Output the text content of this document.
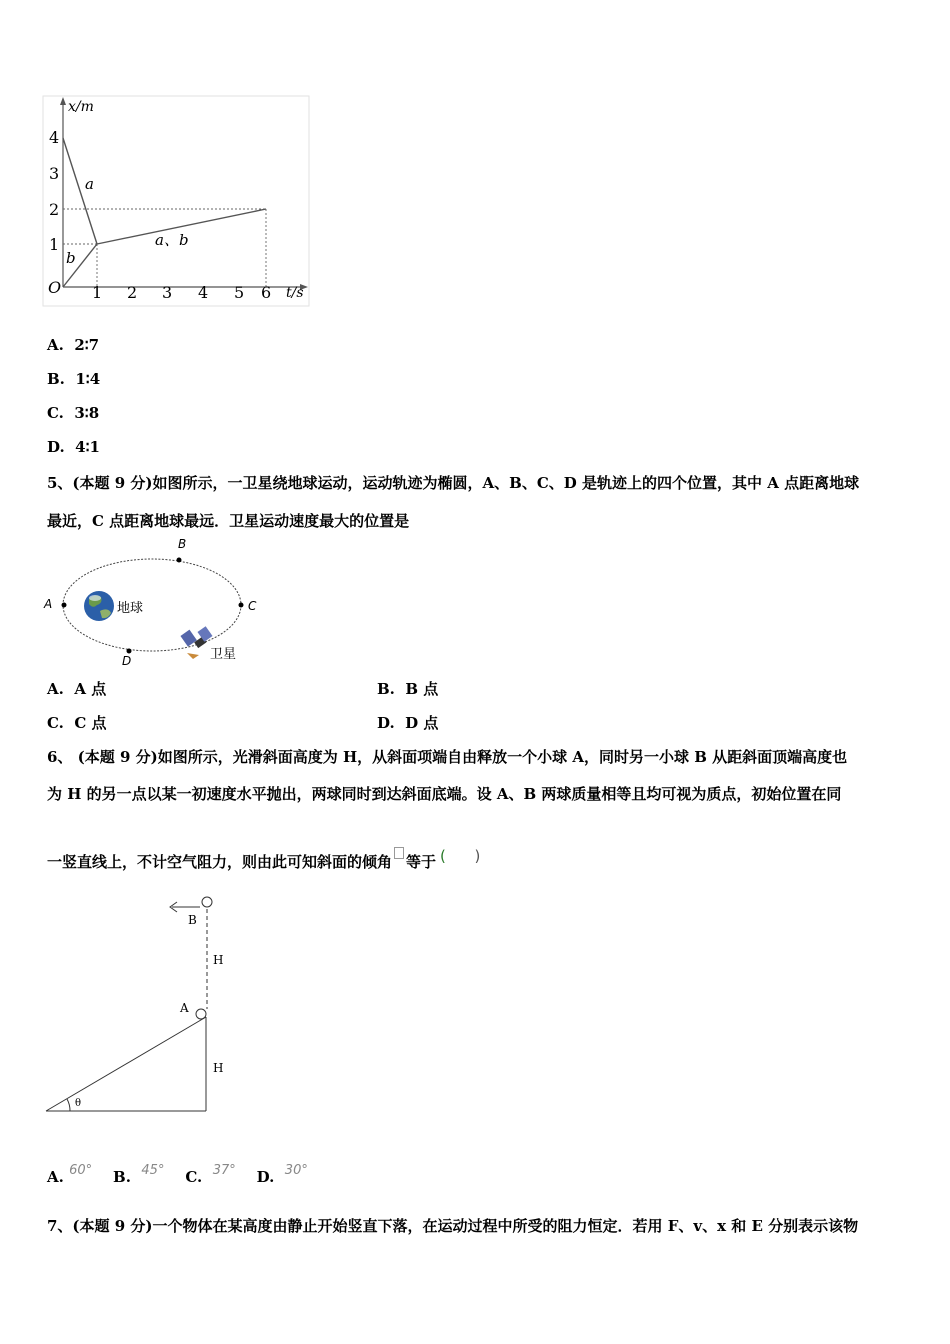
x/m
t/s
O
4
3
2
1
1 2 3 4 5 6
a
b
a、b
A. 2∶7
B. 1∶4
C. 3∶8
D. 4∶1
5、(本题 9 分)如图所示，一卫星绕地球运动，运动轨迹为椭圆，A、B、C、D 是轨迹上的四个位置，其中 A 点距离地球
最近，C 点距离地球最远．卫星运动速度最大的位置是
A
B
C
D
地球
卫星
A. A 点	B. B 点
C. C 点	D. D 点
6、 (本题 9 分)如图所示，光滑斜面高度为 H，从斜面项端自由释放一个小球 A，同时另一小球 B 从距斜面顶端高度也
为 H 的另一点以某一初速度水平抛出，两球同时到达斜面底端。设 A、B 两球质量相等且均可视为质点，初始位置在同
一竖直线上，不计空气阻力，则由此可知斜面的倾角 等于 (      )
B
H
A
θ
H
A. 60° B. 45° C. 37° D. 30°
7、(本题 9 分)一个物体在某高度由静止开始竖直下落，在运动过程中所受的阻力恒定．若用 F、v、x 和 E 分别表示该物
